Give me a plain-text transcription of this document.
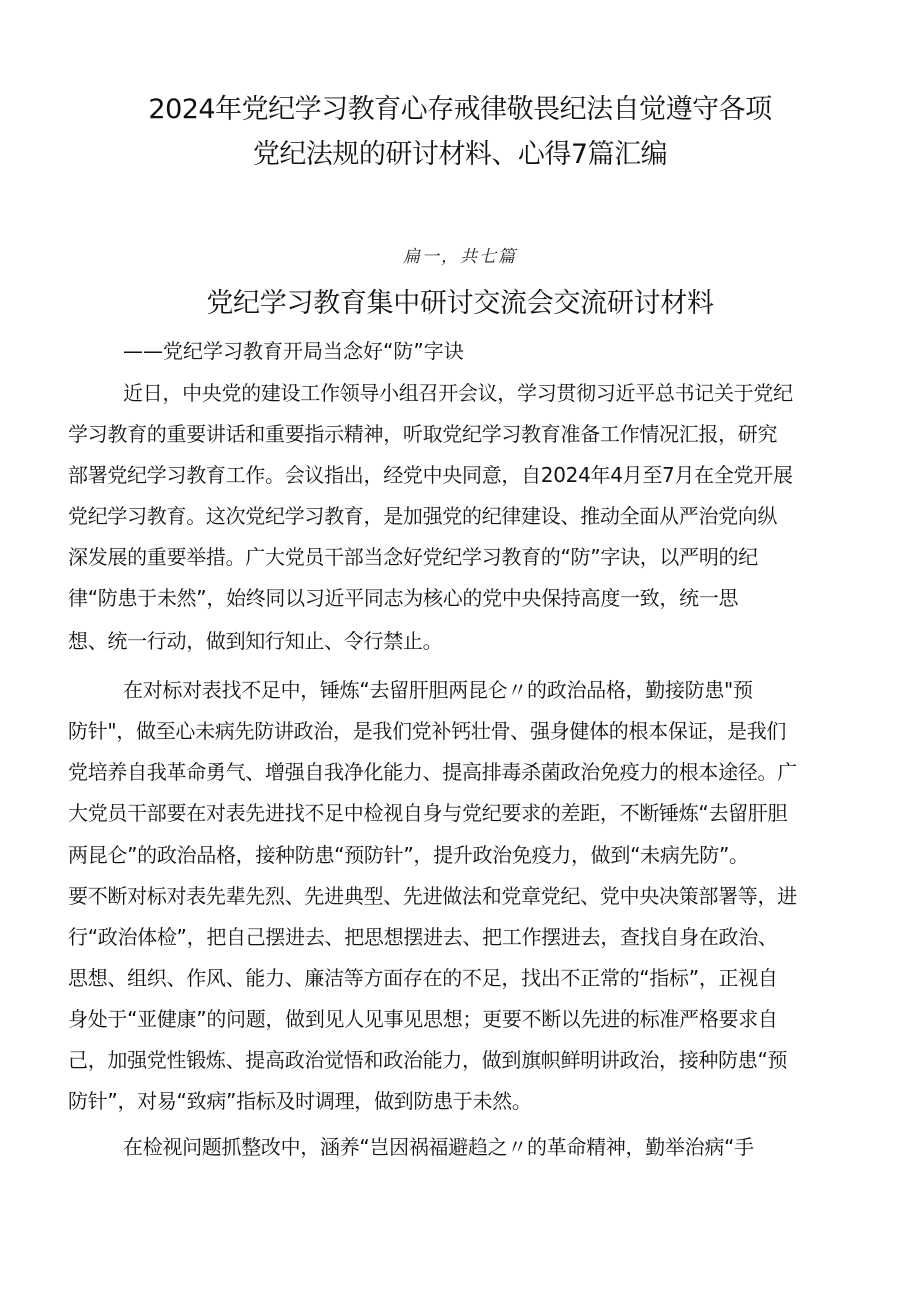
2024年党纪学习教育心存戒律敬畏纪法自觉遵守各项
党纪法规的研讨材料、心得7篇汇编
扁一，共七篇
党纪学习教育集中研讨交流会交流研讨材料
——党纪学习教育开局当念好“防”字诀
近日，中央党的建设工作领导小组召开会议，学习贯彻习近平总书记关于党纪
学习教育的重要讲话和重要指示精神，听取党纪学习教育准备工作情况汇报，研究
部署党纪学习教育工作。会议指出，经党中央同意，自2024年4月至7月在全党开展
党纪学习教育。这次党纪学习教育，是加强党的纪律建设、推动全面从严治党向纵
深发展的重要举措。广大党员干部当念好党纪学习教育的“防”字诀，以严明的纪
律“防患于未然”，始终同以习近平同志为核心的党中央保持高度一致，统一思
想、统一行动，做到知行知止、令行禁止。
在对标对表找不足中，锤炼“去留肝胆两昆仑〃的政治品格，勤接防患"预
防针"，做至心未病先防讲政治，是我们党补钙壮骨、强身健体的根本保证，是我们
党培养自我革命勇气、增强自我净化能力、提高排毒杀菌政治免疫力的根本途径。广
大党员干部要在对表先进找不足中检视自身与党纪要求的差距，不断锤炼“去留肝胆
两昆仑”的政治品格，接种防患“预防针”，提升政治免疫力，做到“未病先防”。
要不断对标对表先辈先烈、先进典型、先进做法和党章党纪、党中央决策部署等，进
行“政治体检”，把自己摆进去、把思想摆进去、把工作摆进去，查找自身在政治、
思想、组织、作风、能力、廉洁等方面存在的不足，找出不正常的“指标”，正视自
身处于“亚健康”的问题，做到见人见事见思想；更要不断以先进的标准严格要求自
己，加强党性锻炼、提高政治觉悟和政治能力，做到旗帜鲜明讲政治，接种防患“预
防针”，对易“致病”指标及时调理，做到防患于未然。
在检视问题抓整改中，涵养“岂因祸福避趋之〃的革命精神，勤举治病“手
